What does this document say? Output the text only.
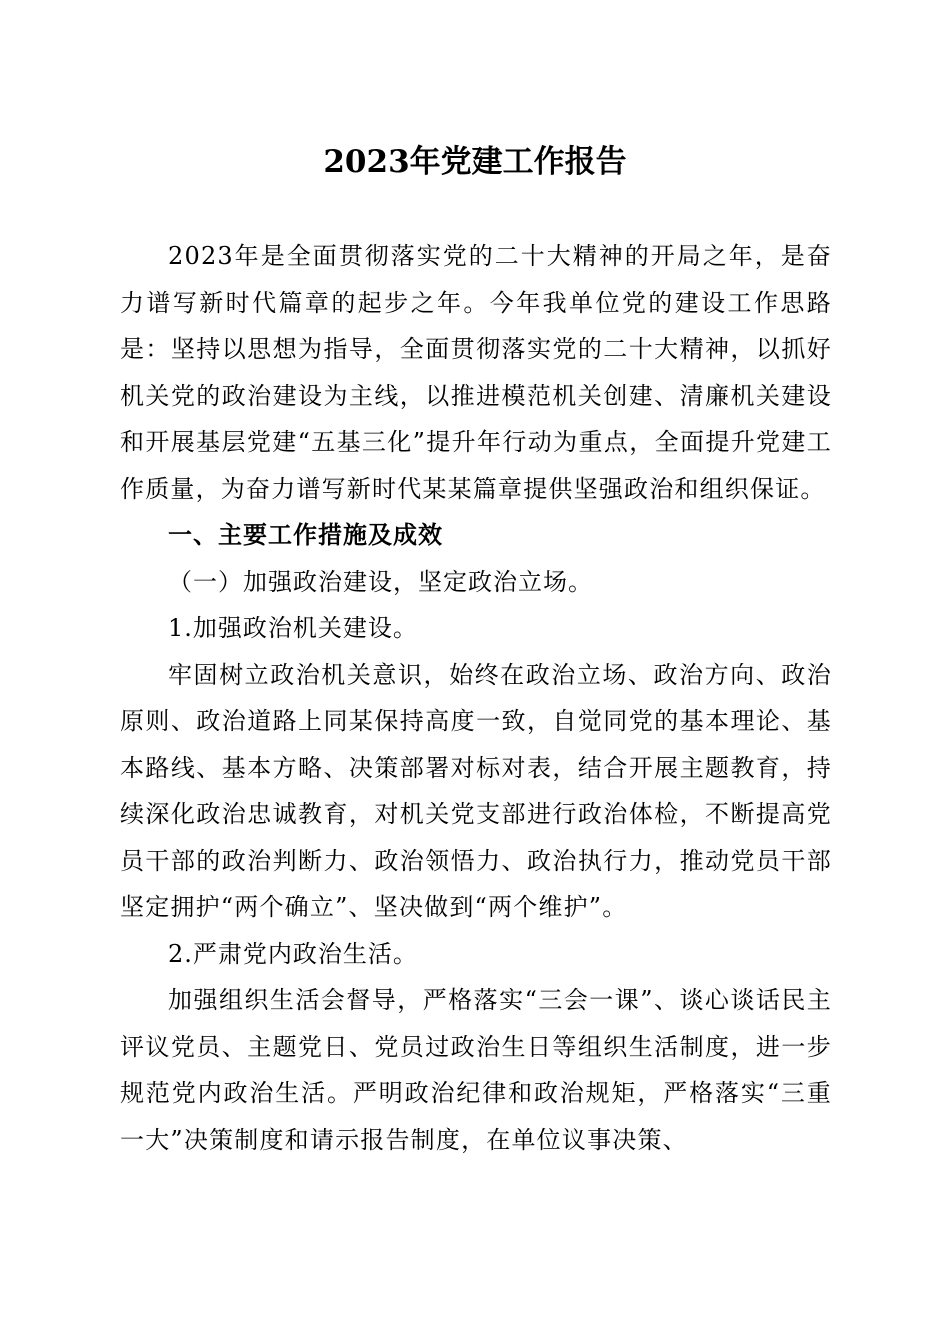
2023年党建工作报告

2023年是全面贯彻落实党的二十大精神的开局之年，是奋力谱写新时代篇章的起步之年。今年我单位党的建设工作思路是：坚持以思想为指导，全面贯彻落实党的二十大精神，以抓好机关党的政治建设为主线，以推进模范机关创建、清廉机关建设和开展基层党建“五基三化”提升年行动为重点，全面提升党建工作质量，为奋力谱写新时代某某篇章提供坚强政治和组织保证。

一、主要工作措施及成效

（一）加强政治建设，坚定政治立场。

1.加强政治机关建设。

牢固树立政治机关意识，始终在政治立场、政治方向、政治原则、政治道路上同某保持高度一致，自觉同党的基本理论、基本路线、基本方略、决策部署对标对表，结合开展主题教育，持续深化政治忠诚教育，对机关党支部进行政治体检，不断提高党员干部的政治判断力、政治领悟力、政治执行力，推动党员干部坚定拥护“两个确立”、坚决做到“两个维护”。

2.严肃党内政治生活。

加强组织生活会督导，严格落实“三会一课”、谈心谈话民主评议党员、主题党日、党员过政治生日等组织生活制度，进一步规范党内政治生活。严明政治纪律和政治规矩，严格落实“三重一大”决策制度和请示报告制度，在单位议事决策、
